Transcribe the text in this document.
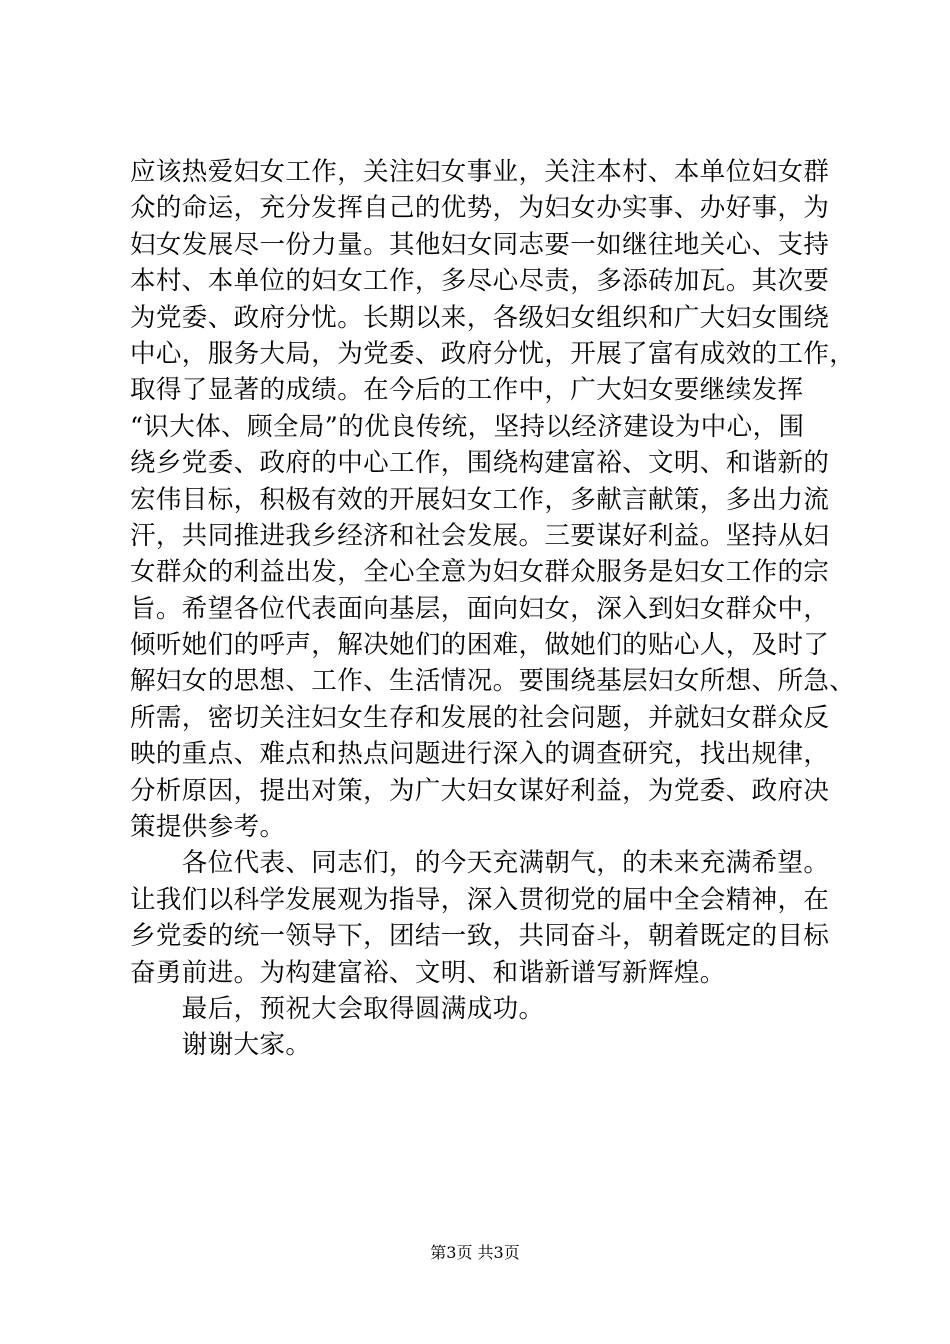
应该热爱妇女工作，关注妇女事业，关注本村、本单位妇女群
众的命运，充分发挥自己的优势，为妇女办实事、办好事，为
妇女发展尽一份力量。其他妇女同志要一如继往地关心、支持
本村、本单位的妇女工作，多尽心尽责，多添砖加瓦。其次要
为党委、政府分忧。长期以来，各级妇女组织和广大妇女围绕
中心，服务大局，为党委、政府分忧，开展了富有成效的工作，
取得了显著的成绩。在今后的工作中，广大妇女要继续发挥
“识大体、顾全局”的优良传统，坚持以经济建设为中心，围
绕乡党委、政府的中心工作，围绕构建富裕、文明、和谐新的
宏伟目标，积极有效的开展妇女工作，多献言献策，多出力流
汗，共同推进我乡经济和社会发展。三要谋好利益。坚持从妇
女群众的利益出发，全心全意为妇女群众服务是妇女工作的宗
旨。希望各位代表面向基层，面向妇女，深入到妇女群众中，
倾听她们的呼声，解决她们的困难，做她们的贴心人，及时了
解妇女的思想、工作、生活情况。要围绕基层妇女所想、所急、
所需，密切关注妇女生存和发展的社会问题，并就妇女群众反
映的重点、难点和热点问题进行深入的调查研究，找出规律，
分析原因，提出对策，为广大妇女谋好利益，为党委、政府决
策提供参考。
　　各位代表、同志们，的今天充满朝气，的未来充满希望。
让我们以科学发展观为指导，深入贯彻党的届中全会精神，在
乡党委的统一领导下，团结一致，共同奋斗，朝着既定的目标
奋勇前进。为构建富裕、文明、和谐新谱写新辉煌。
　　最后，预祝大会取得圆满成功。
　　谢谢大家。
第3页 共3页
